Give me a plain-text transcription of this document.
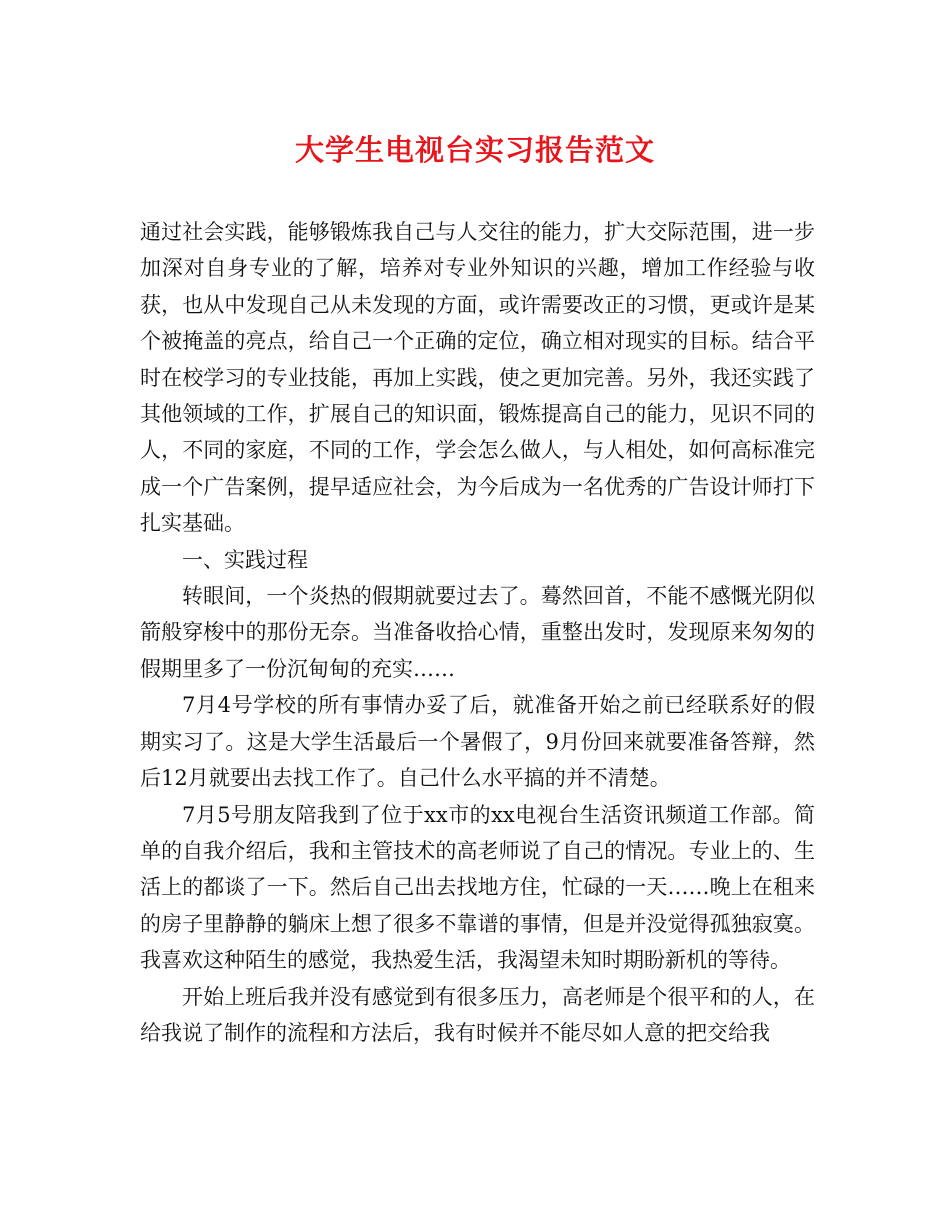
大学生电视台实习报告范文

通过社会实践，能够锻炼我自己与人交往的能力，扩大交际范围，进一步加深对自身专业的了解，培养对专业外知识的兴趣，增加工作经验与收获，也从中发现自己从未发现的方面，或许需要改正的习惯，更或许是某个被掩盖的亮点，给自己一个正确的定位，确立相对现实的目标。结合平时在校学习的专业技能，再加上实践，使之更加完善。另外，我还实践了其他领域的工作，扩展自己的知识面，锻炼提高自己的能力，见识不同的人，不同的家庭，不同的工作，学会怎么做人，与人相处，如何高标准完成一个广告案例，提早适应社会，为今后成为一名优秀的广告设计师打下扎实基础。

一、实践过程

转眼间，一个炎热的假期就要过去了。蓦然回首，不能不感慨光阴似箭般穿梭中的那份无奈。当准备收拾心情，重整出发时，发现原来匆匆的假期里多了一份沉甸甸的充实……

7月4号学校的所有事情办妥了后，就准备开始之前已经联系好的假期实习了。这是大学生活最后一个暑假了，9月份回来就要准备答辩，然后12月就要出去找工作了。自己什么水平搞的并不清楚。

7月5号朋友陪我到了位于xx市的xx电视台生活资讯频道工作部。简单的自我介绍后，我和主管技术的高老师说了自己的情况。专业上的、生活上的都谈了一下。然后自己出去找地方住，忙碌的一天……晚上在租来的房子里静静的躺床上想了很多不靠谱的事情，但是并没觉得孤独寂寞。我喜欢这种陌生的感觉，我热爱生活，我渴望未知时期盼新机的等待。

开始上班后我并没有感觉到有很多压力，高老师是个很平和的人，在给我说了制作的流程和方法后，我有时候并不能尽如人意的把交给我
